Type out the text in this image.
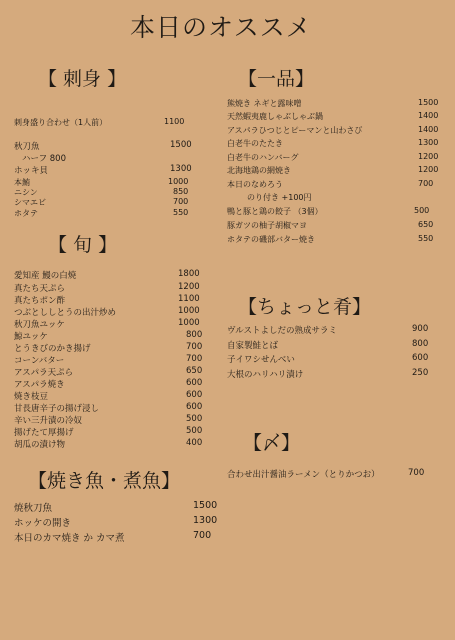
本日のオススメ
【 刺身 】
刺身盛り合わせ（1人前）	1100
秋刀魚	1500
ハーフ 800
ホッキ貝	1300
本鮪	1000
ニシン	850
シマエビ	700
ホタテ	550
【 旬 】
愛知産 鰻の白焼	1800
真たち天ぷら	1200
真たちポン酢	1100
つぶとししとうの出汁炒め	1000
秋刀魚ユッケ	1000
鯨ユッケ	800
とうきびのかき揚げ	700
コーンバター	700
アスパラ天ぷら	650
アスパラ焼き	600
焼き枝豆	600
甘長唐辛子の揚げ浸し	600
辛い三升漬の冷奴	500
揚げたて厚揚げ	500
胡瓜の漬け物	400
【焼き魚・煮魚】
焼秋刀魚	1500
ホッケの開き	1300
本日のカマ焼き か カマ煮	700
【一品】
熊焼き ネギと露味噌	1500
天然蝦夷鹿しゃぶしゃぶ鍋	1400
アスパラひつじとピーマンと山わさび	1400
白老牛のたたき	1300
白老牛のハンバーグ	1200
北海地鶏の網焼き	1200
本日のなめろう	700
のり付き +100円
鴨と豚と鶏の餃子 （3個）	500
豚ガツの柚子胡椒マヨ	650
ホタテの磯部バター焼き	550
【ちょっと肴】
ヴルストよしだの熟成サラミ	900
自家製鮭とば	800
子イワシせんべい	600
大根のハリハリ漬け	250
【〆】
合わせ出汁醤油ラーメン（とりかつお）	700
